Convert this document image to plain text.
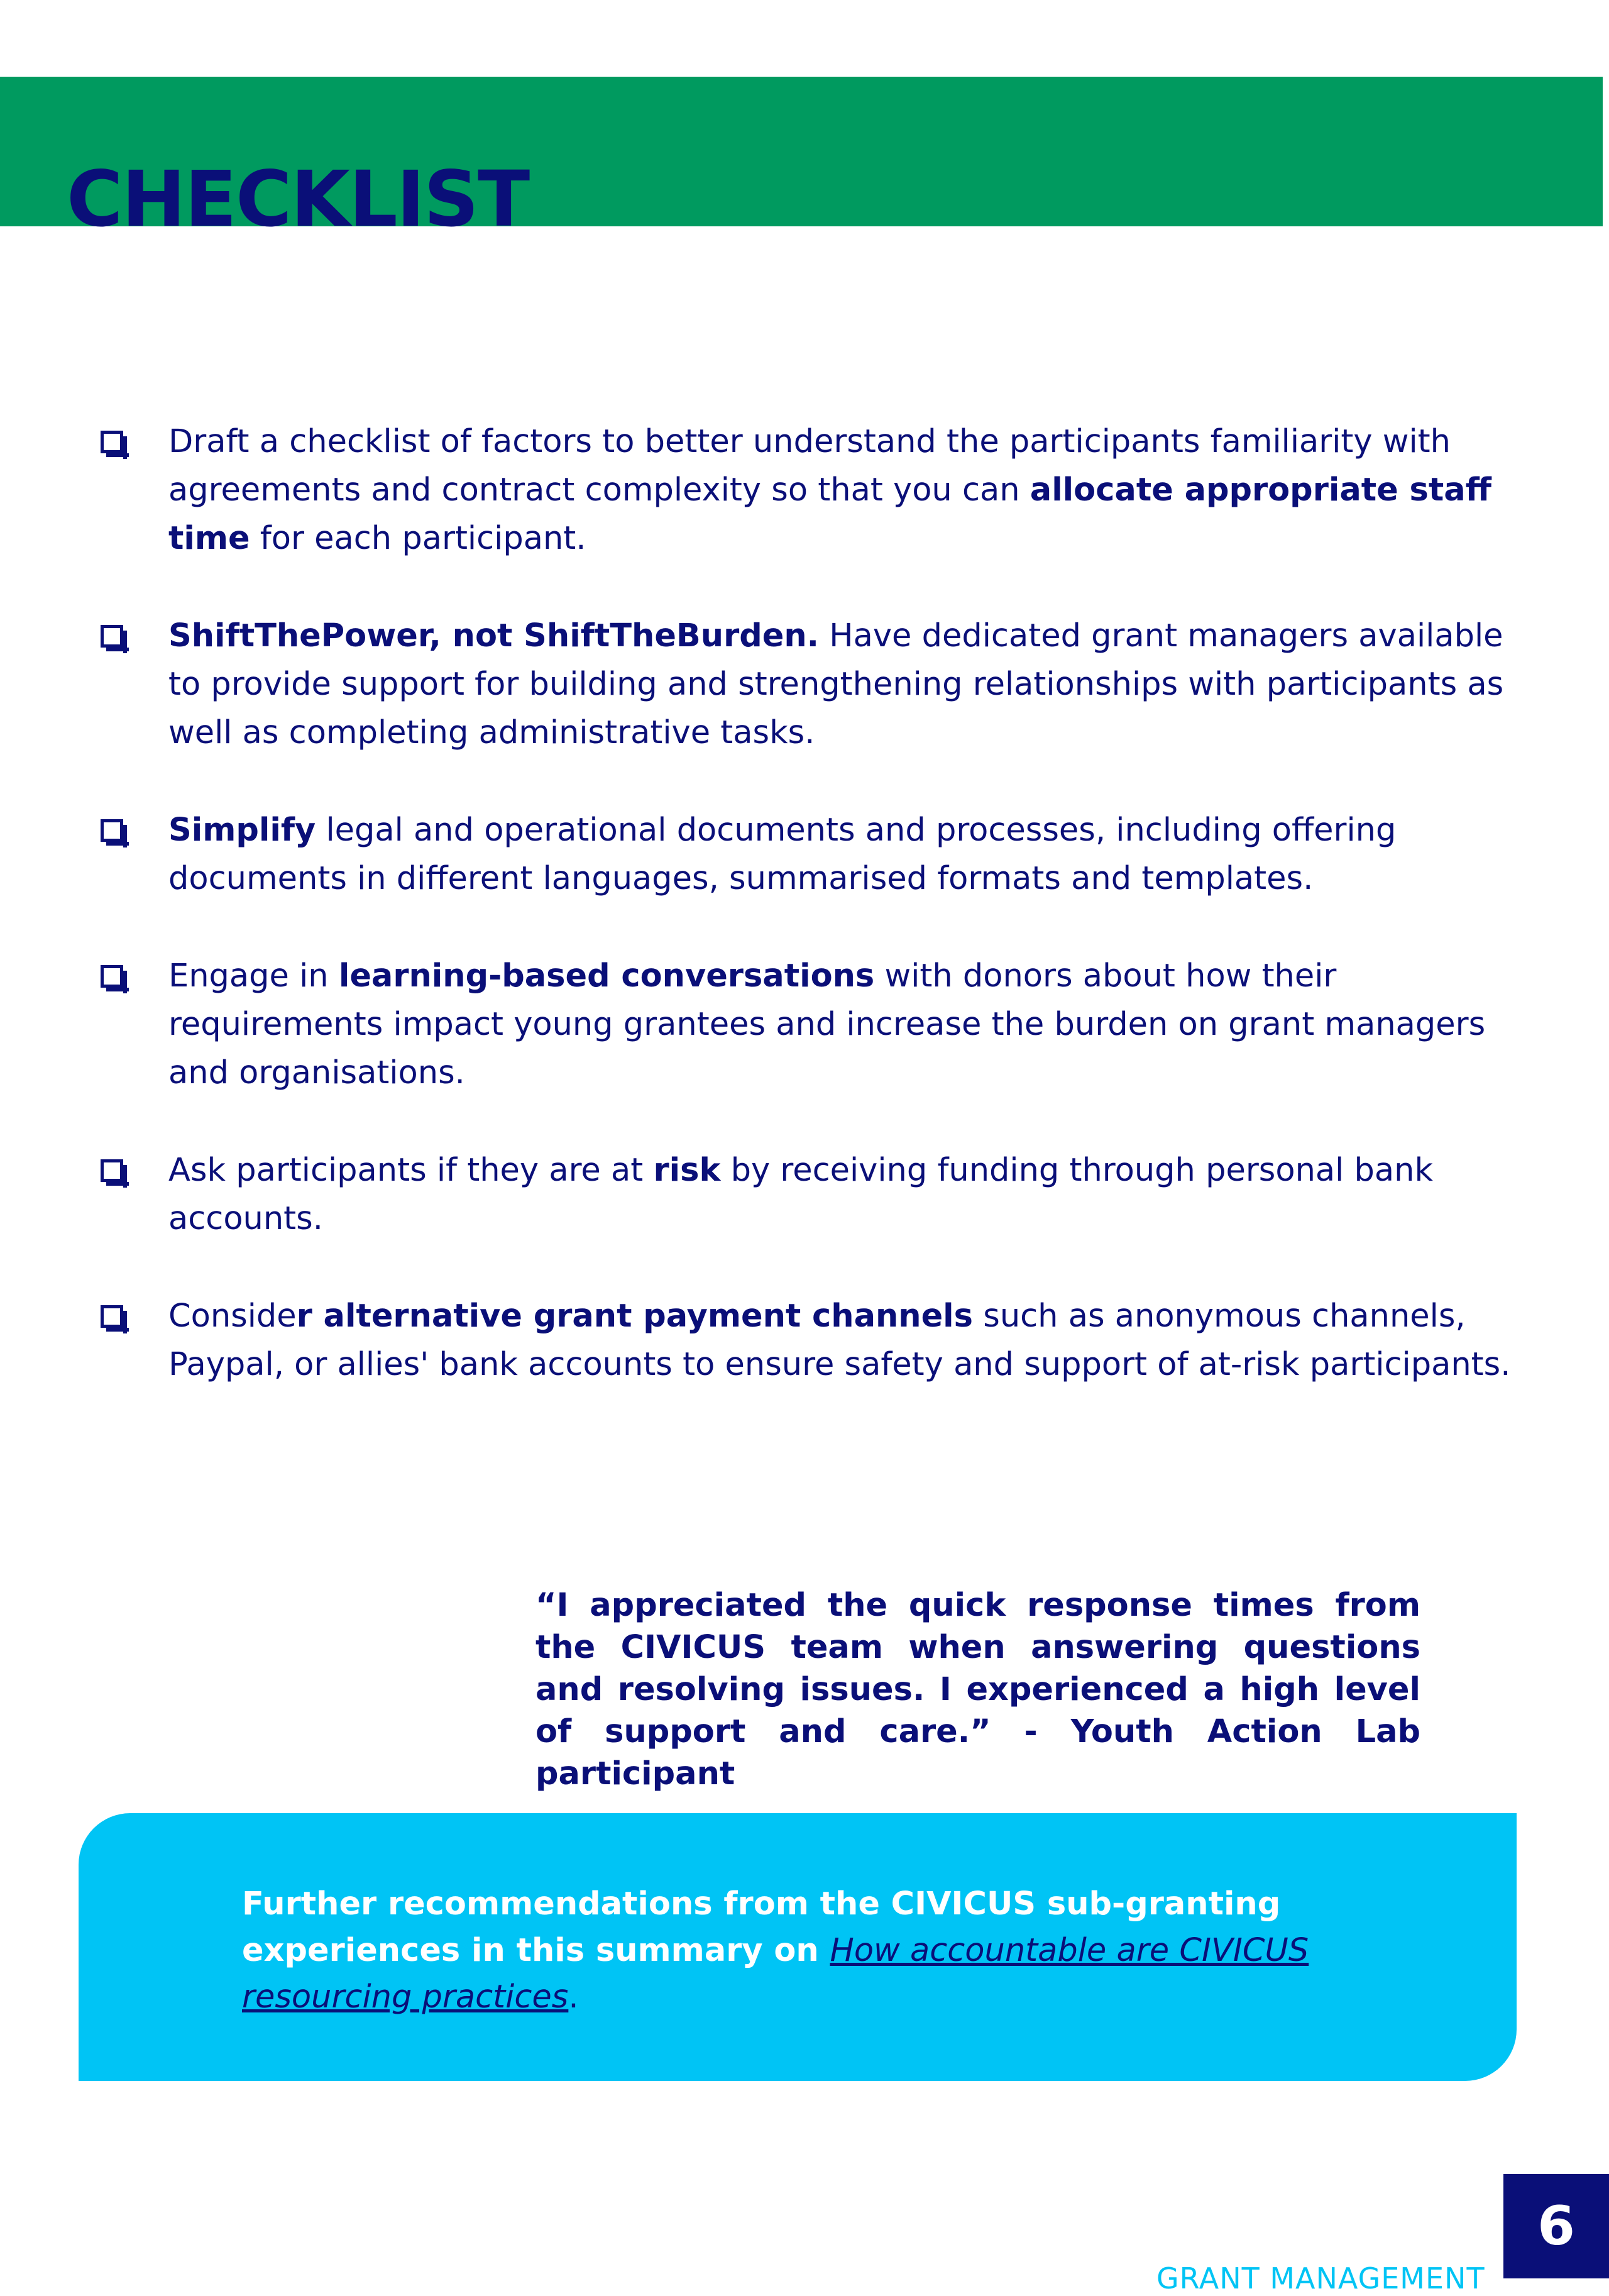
CHECKLIST
Draft a checklist of factors to better understand the participants familiarity with agreements and contract complexity so that you can allocate appropriate staff time for each participant.
ShiftThePower, not ShiftTheBurden. Have dedicated grant managers available to provide support for building and strengthening relationships with participants as well as completing administrative tasks.
Simplify legal and operational documents and processes, including offering documents in different languages, summarised formats and templates.
Engage in learning-based conversations with donors about how their requirements impact young grantees and increase the burden on grant managers and organisations.
Ask participants if they are at risk by receiving funding through personal bank accounts.
Consider alternative grant payment channels such as anonymous channels, Paypal, or allies' bank accounts to ensure safety and support of at-risk participants.

“I appreciated the quick response times from the CIVICUS team when answering questions and resolving issues. I experienced a high level of support and care.” - Youth Action Lab participant

Further recommendations from the CIVICUS sub-granting experiences in this summary on How accountable are CIVICUS resourcing practices.
6
GRANT MANAGEMENT
